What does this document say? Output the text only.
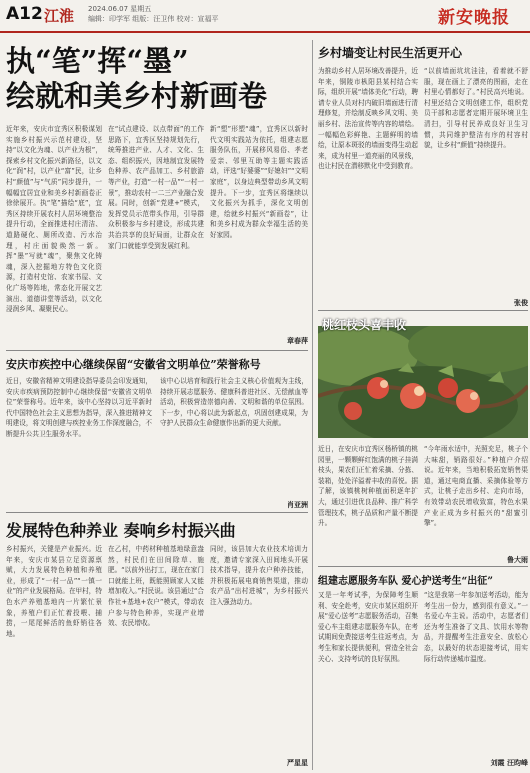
A12 江淮 2024.06.07 星期五
编辑：印学军 组版：汪卫伟 校对：宣福平	新安晚报
执“笔”挥“墨”
绘就和美乡村新画卷
近年来，安庆市宜秀区积极谋划实施乡村振兴示范村建设，坚持“以文化为魂、以产业为根”，探索乡村文化振兴新路径，以文化“润”村，以产业“富”民，让乡村“颜值”与“气质”同步提升，一幅幅宜居宜业和美乡村新画卷正徐徐展开。执“笔”描绘“底”，宜秀区持续开展农村人居环境整治提升行动，全面推进村庄清洁、道路硬化、厕所改造、污水治理，村庄面貌焕然一新。挥“墨”写就“魂”，聚焦文化铸魂，深入挖掘地方特色文化资源，打造村史馆、农家书屋、文化广场等阵地，常态化开展文艺演出、道德讲堂等活动，以文化浸润乡风、凝聚民心。
在“试点建设、以点带面”的工作思路下，宜秀区坚持规划先行，统筹推进产业、人才、文化、生态、组织振兴，因地制宜发展特色种养、农产品加工、乡村旅游等产业，打造“一村一品”“一村一景”，推动农村一二三产业融合发展。同时，创新“党建+”模式，发挥党员示范带头作用，引导群众积极参与乡村建设，形成共建共治共享的良好局面，让群众在家门口就能享受到发展红利。
新“塑”形塑“魂”，宜秀区以新时代文明实践站为依托，组建志愿服务队伍，开展移风易俗、孝老爱亲、邻里互助等主题实践活动，评选“好婆婆”“好媳妇”“文明家庭”，以身边典型带动乡风文明提升。下一步，宜秀区将继续以文化振兴为抓手，深化文明创建，绘就乡村振兴“新画卷”，让和美乡村成为群众幸福生活的美好家园。
章春萍
乡村墙变让村民生活更开心
为推动乡村人居环境改善提升，近年来，铜陵市枞阳县某村结合实际，组织开展“墙体美化”行动，聘请专业人员对村内破旧墙面进行清理修复，并绘制反映乡风文明、美丽乡村、法治宣传等内容的墙绘。一幅幅色彩鲜艳、主题鲜明的墙绘，让原本斑驳的墙面变得生动起来，成为村里一道亮丽的风景线，也让村民在潜移默化中受到教育。
“以前墙面坑坑洼洼，看着就不舒服，现在画上了漂亮的图画，走在村里心情都好了。”村民高兴地说。村里还结合文明创建工作，组织党员干部和志愿者定期开展环境卫生清扫，引导村民养成良好卫生习惯，共同维护整洁有序的村容村貌，让乡村“颜值”持续提升。
张俊
桃红枝头喜丰收
近日，在安庆市宜秀区杨桥镇的桃园里，一颗颗鲜红饱满的桃子挂满枝头，果农们正忙着采摘、分拣、装箱，处处洋溢着丰收的喜悦。据了解，该镇桃树种植面积逐年扩大，通过引进优良品种、推广科学管理技术，桃子品质和产量不断提升。
“今年雨水适中，光照充足，桃子个大味甜，销路很好。”种植户介绍说。近年来，当地积极拓宽销售渠道，通过电商直播、采摘体验等方式，让桃子走出乡村、走向市场，有效带动农民增收致富，特色水果产业正成为乡村振兴的“甜蜜引擎”。
鲁大雨
安庆市疾控中心继续保留“安徽省文明单位”荣誉称号
近日，安徽省精神文明建设指导委员会印发通知，安庆市疾病预防控制中心继续保留“安徽省文明单位”荣誉称号。近年来，该中心坚持以习近平新时代中国特色社会主义思想为指导，深入推进精神文明建设，将文明创建与疾控业务工作深度融合，不断提升公共卫生服务水平。
该中心以培育和践行社会主义核心价值观为主线，持续开展志愿服务、健康科普进社区、无偿献血等活动，积极营造崇德向善、文明和谐的单位氛围。下一步，中心将以此为新起点，巩固创建成果，为守护人民群众生命健康作出新的更大贡献。
肖亚洲
发展特色种养业 奏响乡村振兴曲
乡村振兴，关键是产业振兴。近年来，安庆市某县立足资源禀赋，大力发展特色种植和养殖业，形成了“一村一品”“一镇一业”的产业发展格局。在甲村，特色水产养殖基地内一片繁忙景象，养殖户们正忙着投喂、捕捞，一尾尾鲜活的鱼虾销往各地。
在乙村，中药材种植基地绿意盎然，村民们在田间除草、施肥。“以前外出打工，现在在家门口就能上班，既能照顾家人又能增加收入。”村民说。该县通过“合作社+基地+农户”模式，带动农户参与特色种养，实现产业增效、农民增收。
同时，该县加大农业技术培训力度，邀请专家深入田间地头开展技术指导，提升农户种养技能，并积极拓展电商销售渠道，推动农产品“出村进城”，为乡村振兴注入强劲动力。
严星星
组建志愿服务车队 爱心护送考生“出征”
又是一年考试季，为保障考生顺利、安全赴考，安庆市某区组织开展“爱心送考”志愿服务活动，召集爱心车主组建志愿服务车队，在考试期间免费接送考生往返考点，为考生和家长提供便利，营造全社会关心、支持考试的良好氛围。
“这是我第一年参加送考活动，能为考生出一份力，感到很有意义。”一名爱心车主说。活动中，志愿者们还为考生准备了文具、饮用水等物品，并提醒考生注意安全、放松心态，以最好的状态迎接考试，用实际行动传递城市温度。
刘霞 汪昀峰
